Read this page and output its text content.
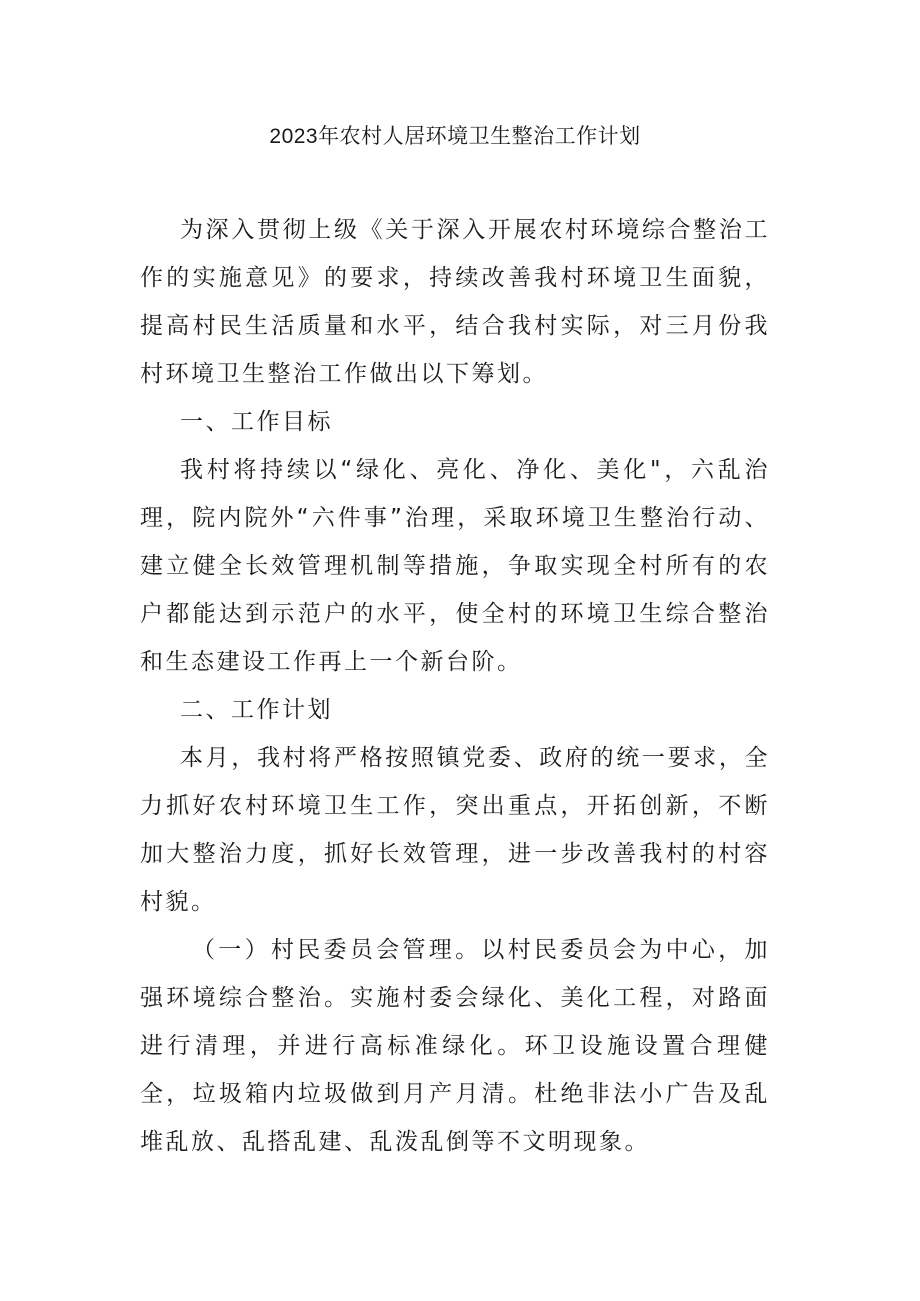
2023年农村人居环境卫生整治工作计划

为深入贯彻上级《关于深入开展农村环境综合整治工作的实施意见》的要求，持续改善我村环境卫生面貌，提高村民生活质量和水平，结合我村实际，对三月份我村环境卫生整治工作做出以下筹划。

一、工作目标

我村将持续以“绿化、亮化、净化、美化"，六乱治理，院内院外“六件事”治理，采取环境卫生整治行动、建立健全长效管理机制等措施，争取实现全村所有的农户都能达到示范户的水平，使全村的环境卫生综合整治和生态建设工作再上一个新台阶。

二、工作计划

本月，我村将严格按照镇党委、政府的统一要求，全力抓好农村环境卫生工作，突出重点，开拓创新，不断加大整治力度，抓好长效管理，进一步改善我村的村容村貌。

（一）村民委员会管理。以村民委员会为中心，加强环境综合整治。实施村委会绿化、美化工程，对路面进行清理，并进行高标准绿化。环卫设施设置合理健全，垃圾箱内垃圾做到月产月清。杜绝非法小广告及乱堆乱放、乱搭乱建、乱泼乱倒等不文明现象。
